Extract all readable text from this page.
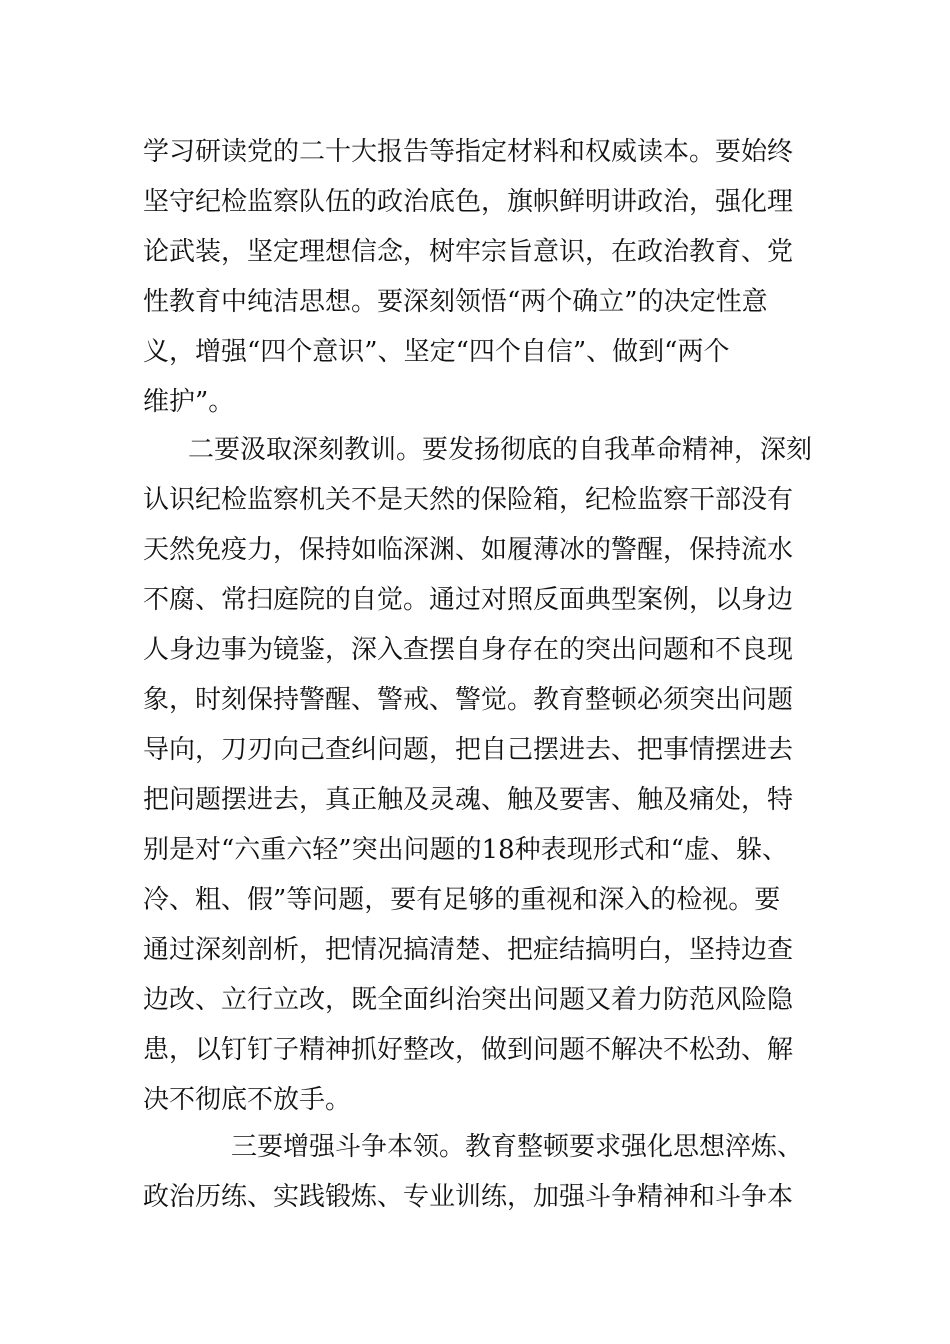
学习研读党的二十大报告等指定材料和权威读本。要始终
坚守纪检监察队伍的政治底色，旗帜鲜明讲政治，强化理
论武装，坚定理想信念，树牢宗旨意识，在政治教育、党
性教育中纯洁思想。要深刻领悟“两个确立”的决定性意
义，增强“四个意识”、坚定“四个自信”、做到“两个
维护”。
二要汲取深刻教训。要发扬彻底的自我革命精神，深刻
认识纪检监察机关不是天然的保险箱，纪检监察干部没有
天然免疫力，保持如临深渊、如履薄冰的警醒，保持流水
不腐、常扫庭院的自觉。通过对照反面典型案例，以身边
人身边事为镜鉴，深入查摆自身存在的突出问题和不良现
象，时刻保持警醒、警戒、警觉。教育整顿必须突出问题
导向，刀刃向己查纠问题，把自己摆进去、把事情摆进去
把问题摆进去，真正触及灵魂、触及要害、触及痛处，特
别是对“六重六轻”突出问题的18种表现形式和“虚、躲、
冷、粗、假”等问题，要有足够的重视和深入的检视。要
通过深刻剖析，把情况搞清楚、把症结搞明白，坚持边查
边改、立行立改，既全面纠治突出问题又着力防范风险隐
患，以钉钉子精神抓好整改，做到问题不解决不松劲、解
决不彻底不放手。
三要增强斗争本领。教育整顿要求强化思想淬炼、
政治历练、实践锻炼、专业训练，加强斗争精神和斗争本
